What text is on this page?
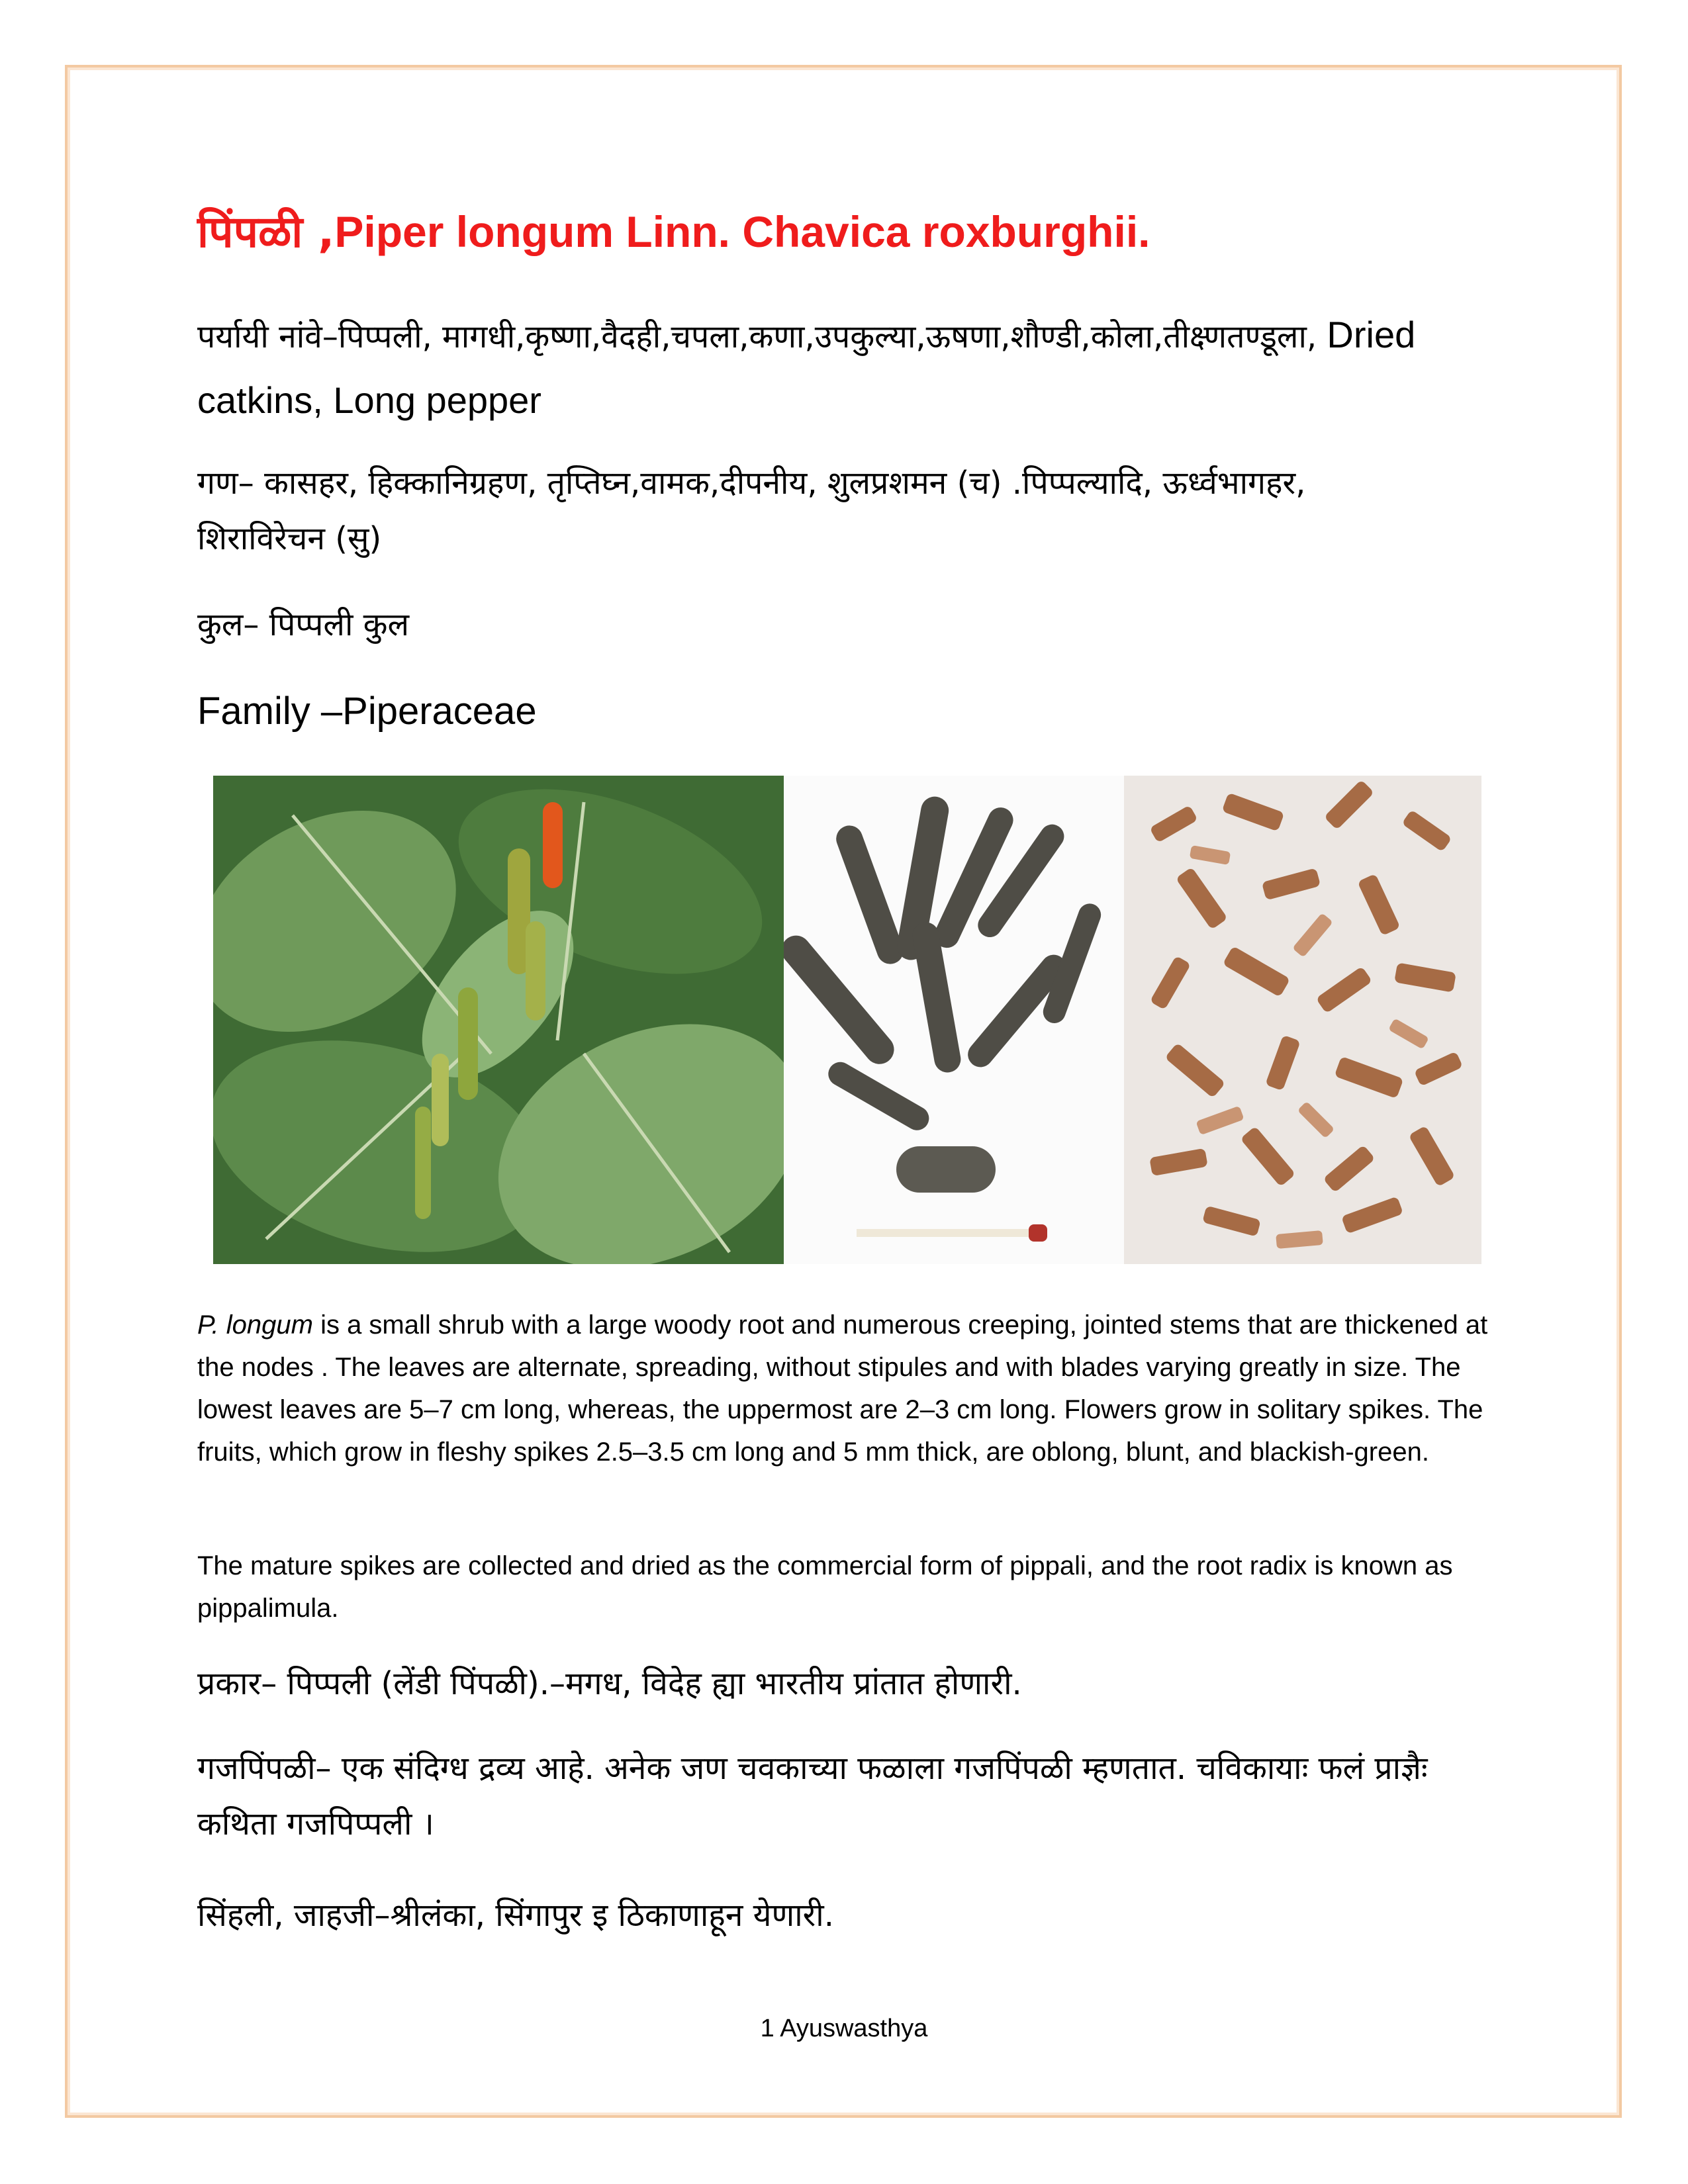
पिंपळी ,Piper longum Linn. Chavica roxburghii.
पर्यायी नांवे–पिप्पली, मागधी,कृष्णा,वैदही,चपला,कणा,उपकुल्या,ऊषणा,शौण्डी,कोला,तीक्ष्णतण्डूला, Dried catkins, Long pepper
गण– कासहर, हिक्कानिग्रहण, तृप्तिघ्न,वामक,दीपनीय, शुलप्रशमन (च) .पिप्पल्यादि, ऊर्ध्वभागहर,
शिराविरेचन (सु)
कुल– पिप्पली कुल
Family –Piperaceae
P. longum is a small shrub with a large woody root and numerous creeping, jointed stems that are thickened at the nodes . The leaves are alternate, spreading, without stipules and with blades varying greatly in size. The lowest leaves are 5–7 cm long, whereas, the uppermost are 2–3 cm long. Flowers grow in solitary spikes. The fruits, which grow in fleshy spikes 2.5–3.5 cm long and 5 mm thick, are oblong, blunt, and blackish-green.
The mature spikes are collected and dried as the commercial form of pippali, and the root radix is known as pippalimula.
प्रकार– पिप्पली (लेंडी पिंपळी).–मगध, विदेह ह्या भारतीय प्रांतात होणारी.
गजपिंपळी– एक संदिग्ध द्रव्य आहे. अनेक जण चवकाच्या फळाला गजपिंपळी म्हणतात. चविकायाः फलं प्राज्ञैः
कथिता गजपिप्पली ।
सिंहली, जाहजी–श्रीलंका, सिंगापुर इ ठिकाणाहून येणारी.
1 Ayuswasthya
